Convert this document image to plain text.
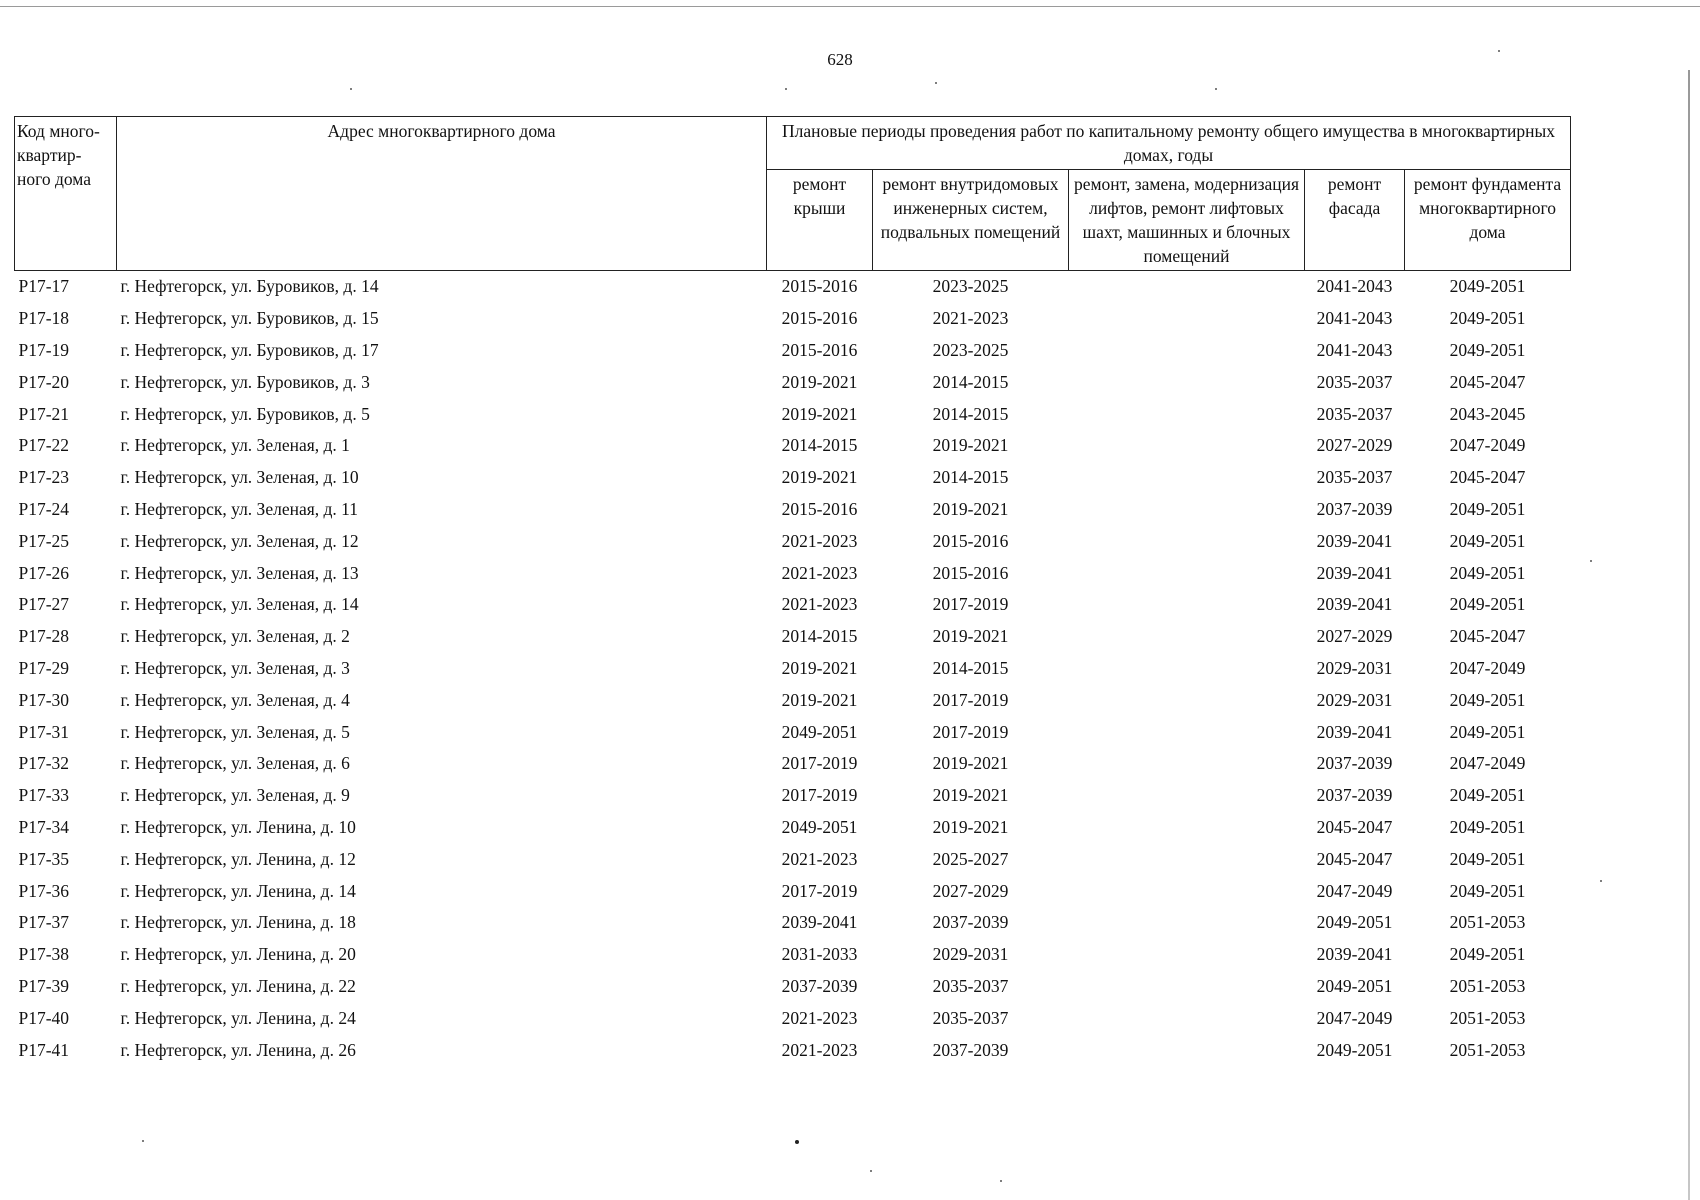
628
Код много-квартир-ного дома	Адрес многоквартирного дома	Плановые периоды проведения работ по капитальному ремонту общего имущества в многоквартирных домах, годы				
		ремонт крыши	ремонт внутридомовых инженерных систем, подвальных помещений	ремонт, замена, модернизация лифтов, ремонт лифтовых шахт, машинных и блочных помещений	ремонт фасада	ремонт фундамента многоквартирного дома
P17-17	г. Нефтегорск, ул. Буровиков, д. 14	2015-2016	2023-2025		2041-2043	2049-2051
P17-18	г. Нефтегорск, ул. Буровиков, д. 15	2015-2016	2021-2023		2041-2043	2049-2051
P17-19	г. Нефтегорск, ул. Буровиков, д. 17	2015-2016	2023-2025		2041-2043	2049-2051
P17-20	г. Нефтегорск, ул. Буровиков, д. 3	2019-2021	2014-2015		2035-2037	2045-2047
P17-21	г. Нефтегорск, ул. Буровиков, д. 5	2019-2021	2014-2015		2035-2037	2043-2045
P17-22	г. Нефтегорск, ул. Зеленая, д. 1	2014-2015	2019-2021		2027-2029	2047-2049
P17-23	г. Нефтегорск, ул. Зеленая, д. 10	2019-2021	2014-2015		2035-2037	2045-2047
P17-24	г. Нефтегорск, ул. Зеленая, д. 11	2015-2016	2019-2021		2037-2039	2049-2051
P17-25	г. Нефтегорск, ул. Зеленая, д. 12	2021-2023	2015-2016		2039-2041	2049-2051
P17-26	г. Нефтегорск, ул. Зеленая, д. 13	2021-2023	2015-2016		2039-2041	2049-2051
P17-27	г. Нефтегорск, ул. Зеленая, д. 14	2021-2023	2017-2019		2039-2041	2049-2051
P17-28	г. Нефтегорск, ул. Зеленая, д. 2	2014-2015	2019-2021		2027-2029	2045-2047
P17-29	г. Нефтегорск, ул. Зеленая, д. 3	2019-2021	2014-2015		2029-2031	2047-2049
P17-30	г. Нефтегорск, ул. Зеленая, д. 4	2019-2021	2017-2019		2029-2031	2049-2051
P17-31	г. Нефтегорск, ул. Зеленая, д. 5	2049-2051	2017-2019		2039-2041	2049-2051
P17-32	г. Нефтегорск, ул. Зеленая, д. 6	2017-2019	2019-2021		2037-2039	2047-2049
P17-33	г. Нефтегорск, ул. Зеленая, д. 9	2017-2019	2019-2021		2037-2039	2049-2051
P17-34	г. Нефтегорск, ул. Ленина, д. 10	2049-2051	2019-2021		2045-2047	2049-2051
P17-35	г. Нефтегорск, ул. Ленина, д. 12	2021-2023	2025-2027		2045-2047	2049-2051
P17-36	г. Нефтегорск, ул. Ленина, д. 14	2017-2019	2027-2029		2047-2049	2049-2051
P17-37	г. Нефтегорск, ул. Ленина, д. 18	2039-2041	2037-2039		2049-2051	2051-2053
P17-38	г. Нефтегорск, ул. Ленина, д. 20	2031-2033	2029-2031		2039-2041	2049-2051
P17-39	г. Нефтегорск, ул. Ленина, д. 22	2037-2039	2035-2037		2049-2051	2051-2053
P17-40	г. Нефтегорск, ул. Ленина, д. 24	2021-2023	2035-2037		2047-2049	2051-2053
P17-41	г. Нефтегорск, ул. Ленина, д. 26	2021-2023	2037-2039		2049-2051	2051-2053
